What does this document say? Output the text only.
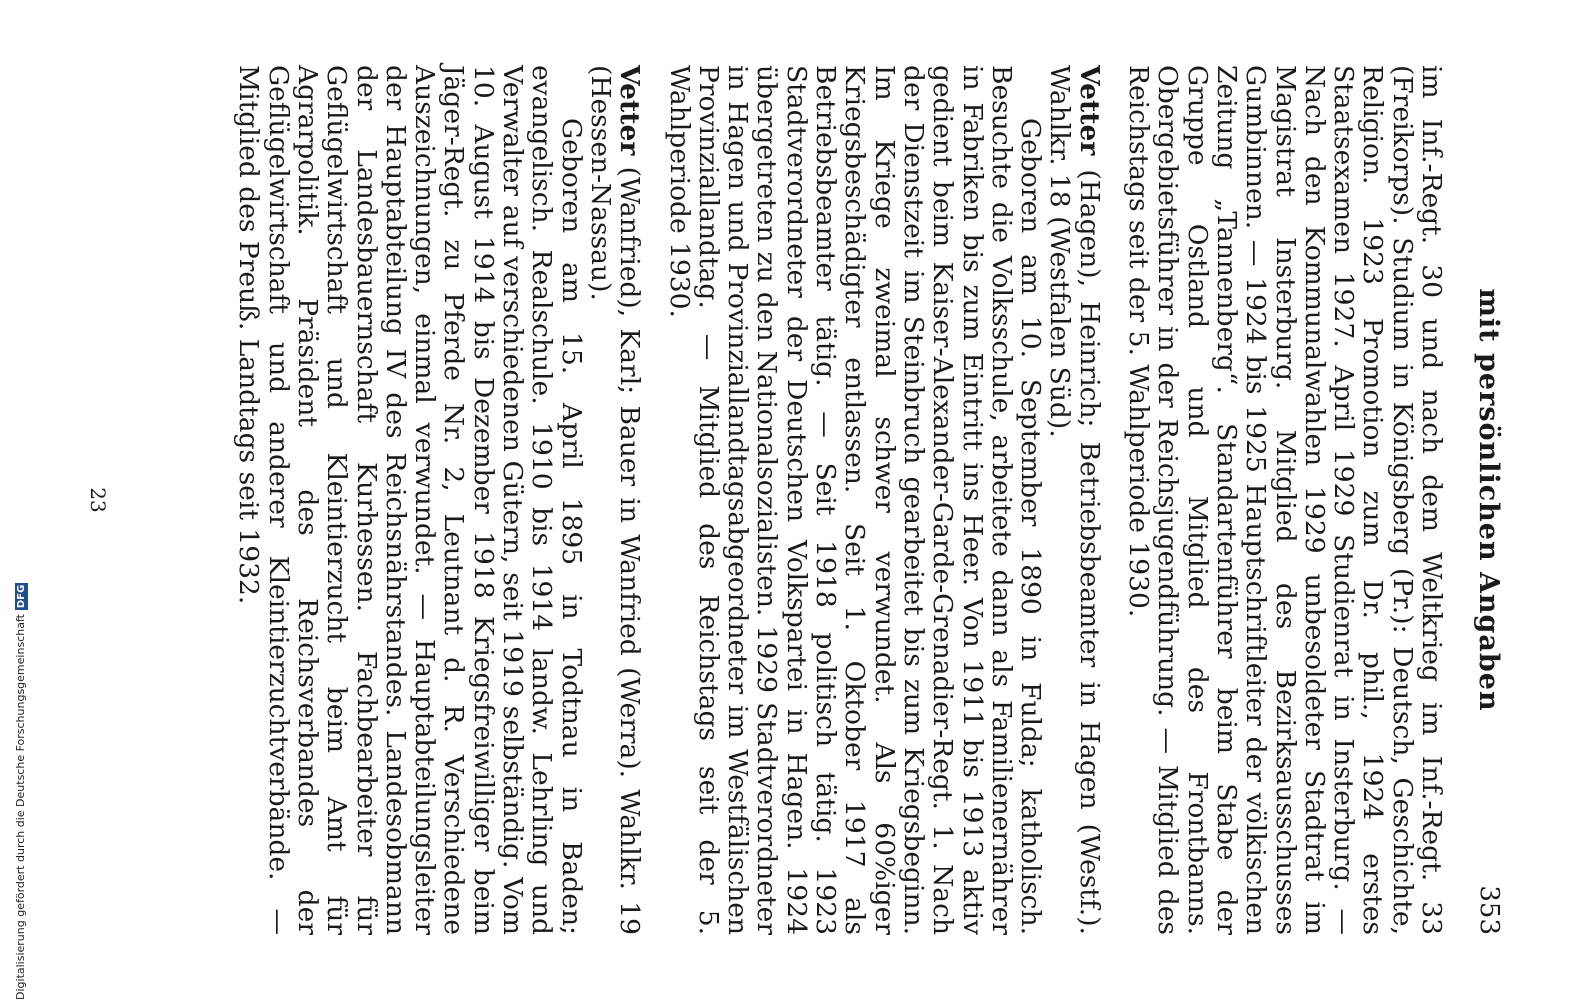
mit persönlichen Angaben
353

im Inf.-Regt. 30 und nach dem Weltkrieg im Inf.-Regt. 33 (Freikorps). Studium in Königsberg (Pr.): Deutsch, Geschichte, Religion. 1923 Promotion zum Dr. phil., 1924 erstes Staatsexamen 1927. April 1929 Studienrat in Insterburg. — Nach den Kommunalwahlen 1929 unbesoldeter Stadtrat im Magistrat Insterburg. Mitglied des Bezirksausschusses Gumbinnen. — 1924 bis 1925 Hauptschriftleiter der völkischen Zeitung „Tannenberg“. Standartenführer beim Stabe der Gruppe Ostland und Mitglied des Frontbanns. Obergebietsführer in der Reichsjugendführung. — Mitglied des Reichstags seit der 5. Wahlperiode 1930.

Vetter (Hagen), Heinrich; Betriebsbeamter in Hagen (Westf.). Wahlkr. 18 (Westfalen Süd).

Geboren am 10. September 1890 in Fulda; katholisch. Besuchte die Volksschule, arbeitete dann als Familienernährer in Fabriken bis zum Eintritt ins Heer. Von 1911 bis 1913 aktiv gedient beim Kaiser-Alexander-Garde-Grenadier-Regt. 1. Nach der Dienstzeit im Steinbruch gearbeitet bis zum Kriegsbeginn. Im Kriege zweimal schwer verwundet. Als 60%iger Kriegsbeschädigter entlassen. Seit 1. Oktober 1917 als Betriebsbeamter tätig. — Seit 1918 politisch tätig. 1923 Stadtverordneter der Deutschen Volkspartei in Hagen. 1924 übergetreten zu den Nationalsozialisten. 1929 Stadtverordneter in Hagen und Provinziallandtagsabgeordneter im Westfälischen Provinziallandtag. — Mitglied des Reichstags seit der 5. Wahlperiode 1930.

Vetter (Wanfried), Karl; Bauer in Wanfried (Werra). Wahlkr. 19 (Hessen-Nassau).

Geboren am 15. April 1895 in Todtnau in Baden; evangelisch. Realschule. 1910 bis 1914 landw. Lehrling und Verwalter auf verschiedenen Gütern, seit 1919 selbständig. Vom 10. August 1914 bis Dezember 1918 Kriegsfreiwilliger beim Jäger-Regt. zu Pferde Nr. 2, Leutnant d. R. Verschiedene Auszeichnungen, einmal verwundet. — Hauptabteilungsleiter der Hauptabteilung IV des Reichsnährstandes. Landesobmann der Landesbauernschaft Kurhessen. Fachbearbeiter für Geflügelwirtschaft und Kleintierzucht beim Amt für Agrarpolitik. Präsident des Reichsverbandes der Geflügelwirtschaft und anderer Kleintierzuchtverbände. — Mitglied des Preuß. Landtags seit 1932.

23
Digitalisierung gefördert durch die Deutsche ForschungsgemeinschaftDFG
